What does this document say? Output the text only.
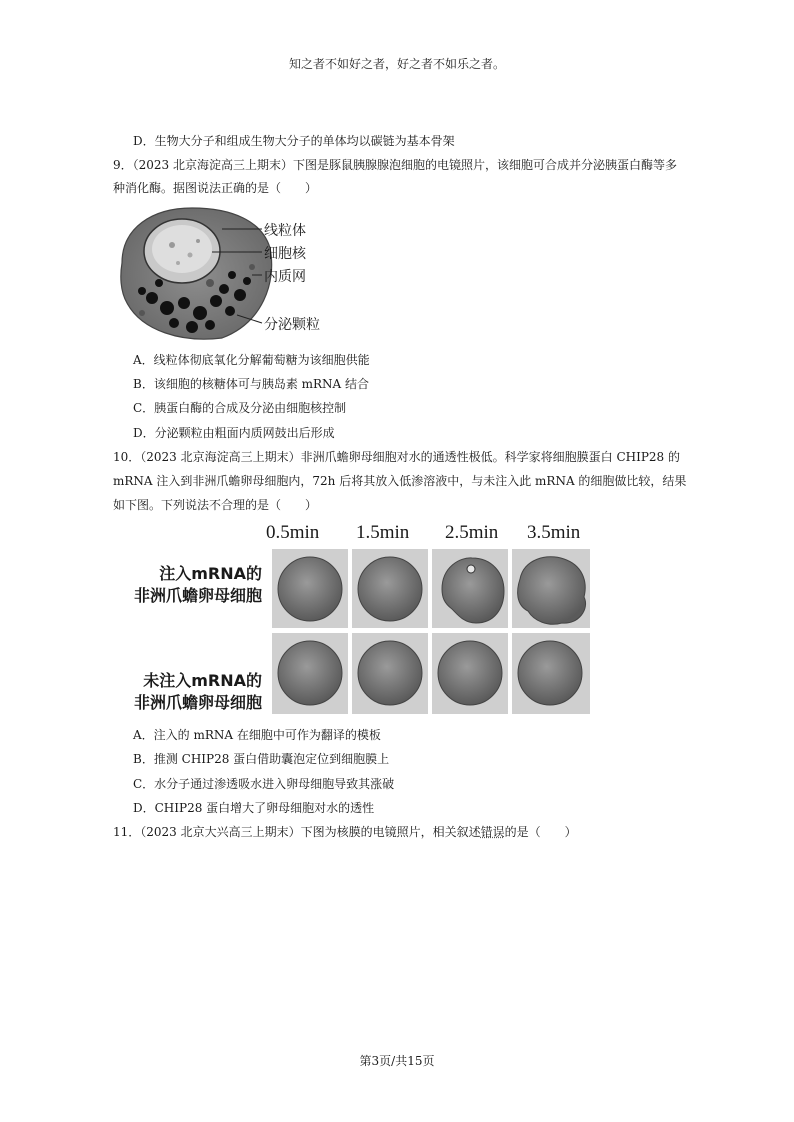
知之者不如好之者，好之者不如乐之者。
D．生物大分子和组成生物大分子的单体均以碳链为基本骨架
9．（2023 北京海淀高三上期末）下图是豚鼠胰腺腺泡细胞的电镜照片，该细胞可合成并分泌胰蛋白酶等多
种消化酶。据图说法正确的是（　　）
线粒体
细胞核
内质网
分泌颗粒
A．线粒体彻底氧化分解葡萄糖为该细胞供能
B．该细胞的核糖体可与胰岛素 mRNA 结合
C．胰蛋白酶的合成及分泌由细胞核控制
D．分泌颗粒由粗面内质网鼓出后形成
10．（2023 北京海淀高三上期末）非洲爪蟾卵母细胞对水的通透性极低。科学家将细胞膜蛋白 CHIP28 的
mRNA 注入到非洲爪蟾卵母细胞内，72h 后将其放入低渗溶液中，与未注入此 mRNA 的细胞做比较，结果
如下图。下列说法不合理的是（　　）
0.5min 1.5min 2.5min 3.5min
注入mRNA的
非洲爪蟾卵母细胞
未注入mRNA的
非洲爪蟾卵母细胞
A．注入的 mRNA 在细胞中可作为翻译的模板
B．推测 CHIP28 蛋白借助囊泡定位到细胞膜上
C．水分子通过渗透吸水进入卵母细胞导致其涨破
D．CHIP28 蛋白增大了卵母细胞对水的透性
11．（2023 北京大兴高三上期末）下图为核膜的电镜照片，相关叙述错误的是（　　）
第3页/共15页
